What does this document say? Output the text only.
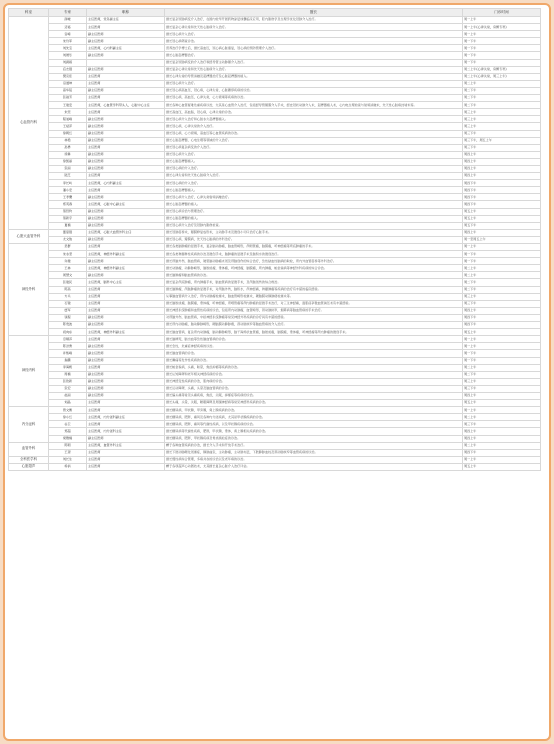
科室	专家	职称	擅长	门诊时间
心血管内科	商峻	主任医师，党务副主任	擅长复杂冠脉病变介入治疗，在国内较早开展药物涂层球囊临床应用，腔内影像学及生理学优化冠脉介入治疗。	周一上午
	迈裕	主任医师	擅长复杂心律失常和先天性心脏病介入治疗。	周一上午(心律失常，房颤专科)
	宫峰	副主任医师	擅长冠心病介入治疗。	周一上午
	朱玲军	副主任医师	擅长冠心病筛查诊治。	周一下午
	刘先宝	主任医师，心内科副主任	营养治疗学博士后，擅长高血压，冠心病心脏康复，冠心病的预防管理介入治疗。	周一下午
	刘晟乐	副主任医师	擅长心脏起搏器治疗。	周一下午
	刘鸥娟		擅长复杂冠脉病变的介入治疗和经导管主动脉瓣介入治疗。	周一下午
	后志强	副主任医师	擅长复杂心律失常和先天性心脏病介入治疗。	周二上午(心律失常，房颤专科)
	樊克佳	主任医师	擅长心律失常的导管消融及起搏器治疗及心脏起搏器的植入。	周二上午(心律失常，周三上午)
	沿道坤	主任医师	擅长冠心病介入治疗。	周二上午
	高华锭	副主任医师	擅长冠心病高血压，冠心病，心律失常，心脏骤停疾病的诊治。	周二下午
	张淑芳	主任医师	擅长冠心病，高血压，心律失常，心力衰竭等疾病的诊治。	周二下午
	王建安	主任医师，心血管学科带头人，心脏中心主任	擅长各种心血管疑难危重疾病诊治，尤其是心血管介入治疗，包括经导管瓣膜介入手术，经皮冠状动脉介入术，起搏器植入术，心内电生理检查与射频消融术，先天性心脏病封堵术等。	周二下午
	朱莞	主任医师	擅长高血压，高血脂，冠心病，心律失常的诊治。	周三上午
	程旭峰	副主任医师	擅长冠心病介入治疗和心脏永久起搏器植入。	周三上午
	王斌萍	副主任医师	擅长冠心病，心律失常的介入治疗。	周三上午
	徐朝红	副主任医师	擅长冠心病，心力衰竭，高血压等心血管疾病的诊治。	周三下午
	林稳	副主任医师	擅长心脏起搏器，心电生理等领域的介入治疗。	周三下午，周五上午
	孙勇	主任医师	擅长冠心病复杂病变的介入治疗。	周三下午
	徐耕	副主任医师	擅长冠心病介入治疗。	周四上午
	徐凯丽	副主任医师	擅长心脏起搏器植入。	周四上午
	张丽	副主任医师	擅长冠心病的介入治疗。	周四上午
	陆芝	主任医师	擅长心律失常和先天性心脏病介入治疗。	周四上午
	李长岭	主任医师，心内科副主任	擅长冠心病的介入治疗。	周四下午
	潘小宏	主任医师	擅长心脏起搏器植入。	周四下午
	王孝鹰	副主任医师	擅长冠心病介入治疗，心律失常射频消融治疗。	周四下午
	郑英春	主任医师，心脏中心副主任	擅长心脏起搏器的植入。	周四下午
	蔡哲钧	副主任医师	擅长冠心病诊治与管理治疗。	周五上午
	蔡新宇	副主任医师	擅长心脏起搏器的植入。	周五上午
	夏楠	副主任医师	擅长冠心病介入治疗及冠脉内影像检查。	周五下午
心脏大血管外科	董爱强	主任医师，心脏大血管外科主任	擅长冠脉搭桥术，瓣膜修复成形术，主动脉手术及微创小切口治疗心脏手术。	周四上午
	尤文俊	副主任医师	擅长冠心病，瓣膜病，先天性心脏病的外科治疗。	周一至周五上午
神经外科	吴群	主任医师	擅长各类脑肿瘤的显微手术，复杂脑动脉瘤，脑血管畸形，颅咽管瘤，脑膜瘤，听神经瘤等颅底肿瘤的手术。	周一上午
	朱永坚	主任医师，神经外科副主任	擅长各类脊髓脊柱疾病的诊治及微创手术，脑肿瘤的显微手术及脑积水的微创治疗。	周一下午
	许健	副主任医师	擅长颅脑外伤，脑血管病，破裂脑动脉瘤夹闭及颅脑创伤的综合治疗，急性缺血性脑病的取栓，颅内外血管搭桥等外科治疗。	周一下午
	王林	主任医师，神经外科副主任	擅长动脉瘤，动静脉畸形，脑胶质瘤，垂体瘤，听神经瘤，脑膜瘤，颅内肿瘤，帕金森病等神经外科疾病的综合诊治。	周二上午
	周慧文	副主任医师	擅长脑肿瘤和脑血管病的诊治。	周二上午
	张建民	主任医师，脑科中心主任	擅长复杂颅底肿瘤，颅内肿瘤手术，脑血管病的显微手术，及颅脑创伤的综合救治。	周二下午
	陈高	主任医师	擅长脑肿瘤，颅脑肿瘤的显微手术，对颅脑外伤，脑积水，颅神经痛，脊髓肿瘤等疾病的治疗有丰富的临床经验。	周二下午
	方兵	主任医师	从事脑血管病介入治疗，颅内动脉瘤栓塞术，脑血管畸形栓塞术，硬脑膜动静脉瘘栓塞术等。	周三上午
	石键	主任医师	擅长脑胶质瘤，脑膜瘤，垂体瘤，听神经瘤，颅咽管瘤等颅内肿瘤的显微手术治疗，对三叉神经痛，面肌痉挛微血管减压术有丰富经验。	周三下午
	虞军	主任医师	擅长神经系统肿瘤和血管性疾病的诊治，包括颅内动脉瘤，血管畸形，颈动脉狭窄，烟雾病等脑血管病的手术治疗。	周四上午
	钱程	副主任医师	对颅脑外伤，脑血管病，中枢神经系统肿瘤等常见神经外科疾病的诊疗具有丰富的经验。	周四下午
	陈贵波	副主任医师	擅长颅内动脉瘤，脑动静脉畸形，硬脑膜动静脉瘘，颈动脉狭窄等脑血管病的介入治疗。	周四下午
	祝向东	主任医师，神经外科副主任	擅长脑血管病，复杂颅内动脉瘤，脑动静脉畸形，脑干海绵状血管瘤，脑胶质瘤，脑膜瘤，垂体瘤，听神经瘤等颅内肿瘤的微创手术。	周五上午
神经内科	章顺莎	主任医师	擅长脑梗死，脑出血等急性脑血管病的诊治。	周一上午
	陈洪勇	副主任医师	擅长急性，危重症神经疾病的诊治。	周一上午
	许熊峰	副主任医师	擅长脑血管病的诊治。	周一下午
	翁鹏	副主任医师	擅长癫痫等发作性疾病的诊治。	周一下午
	李海帆	主任医师	擅长帕金森病，头痛，眩晕，焦虑抑郁等疾病的诊治。	周二上午
	周楠	副主任医师	擅长认知障碍和老年相关神经疾病的诊治。	周二下午
	张俭新	副主任医师	擅长神经变性疾病的诊治，肌肉病的诊治。	周三上午
	张宏	副主任医师	擅长运动障碍，头痛，头晕及脑血管病的诊治。	周三下午
	赵丽	副主任医师	擅长偏头痛等常见头痛疾病，焦虑，失眠，抑郁症等疾病的诊治。	周四上午
	刘晶	主任医师	擅长头痛，头晕，失眠，睡眠障碍及周围神经病等常见神经科疾病的诊治。	周五上午
内分泌科	曾文衡	主任医师	擅长糖尿病，甲状腺，甲旁腺，肾上腺疾病的诊治。	周一上午
	徐小红	主任医师，内分泌科副主任	擅长糖尿病，肥胖，痛风及各种内分泌疾病，尤其是甲状腺疾病的诊治。	周二上午
	谷卫	主任医师	擅长糖尿病，肥胖，痛风等代谢性疾病，以及甲状腺疾病的诊治。	周三下午
	郑超	主任医师，内分泌科主任	擅长糖尿病等代谢性疾病，肥胖，甲状腺，垂体，肾上腺相关疾病的诊治。	周四上午
	梁雅楠	副主任医师	擅长糖尿病，肥胖，甲状腺疾病及骨质疏松症的诊治。	周四上午
血管外科	陈朝	主任医师，血管外科主任	精于各种血管疾病的诊治，擅长介入手术和开放手术治疗。	周二上午
	王望	主任医师	擅长下肢动脉硬化闭塞症，静脉曲张，主动脉瘤，主动脉夹层，下肢静脉血栓及颈动脉狭窄等血管疾病的诊治。	周四下午
全科医学科	刘长生	主任医师	擅长慢性病综合管理，多病共存的诊治以及老年病的诊治。	周一上午
心脏超声	杨俏	主任医师	精于各项超声心动图技术，尤其擅长复杂心脏介入治疗评估。	周五上午
